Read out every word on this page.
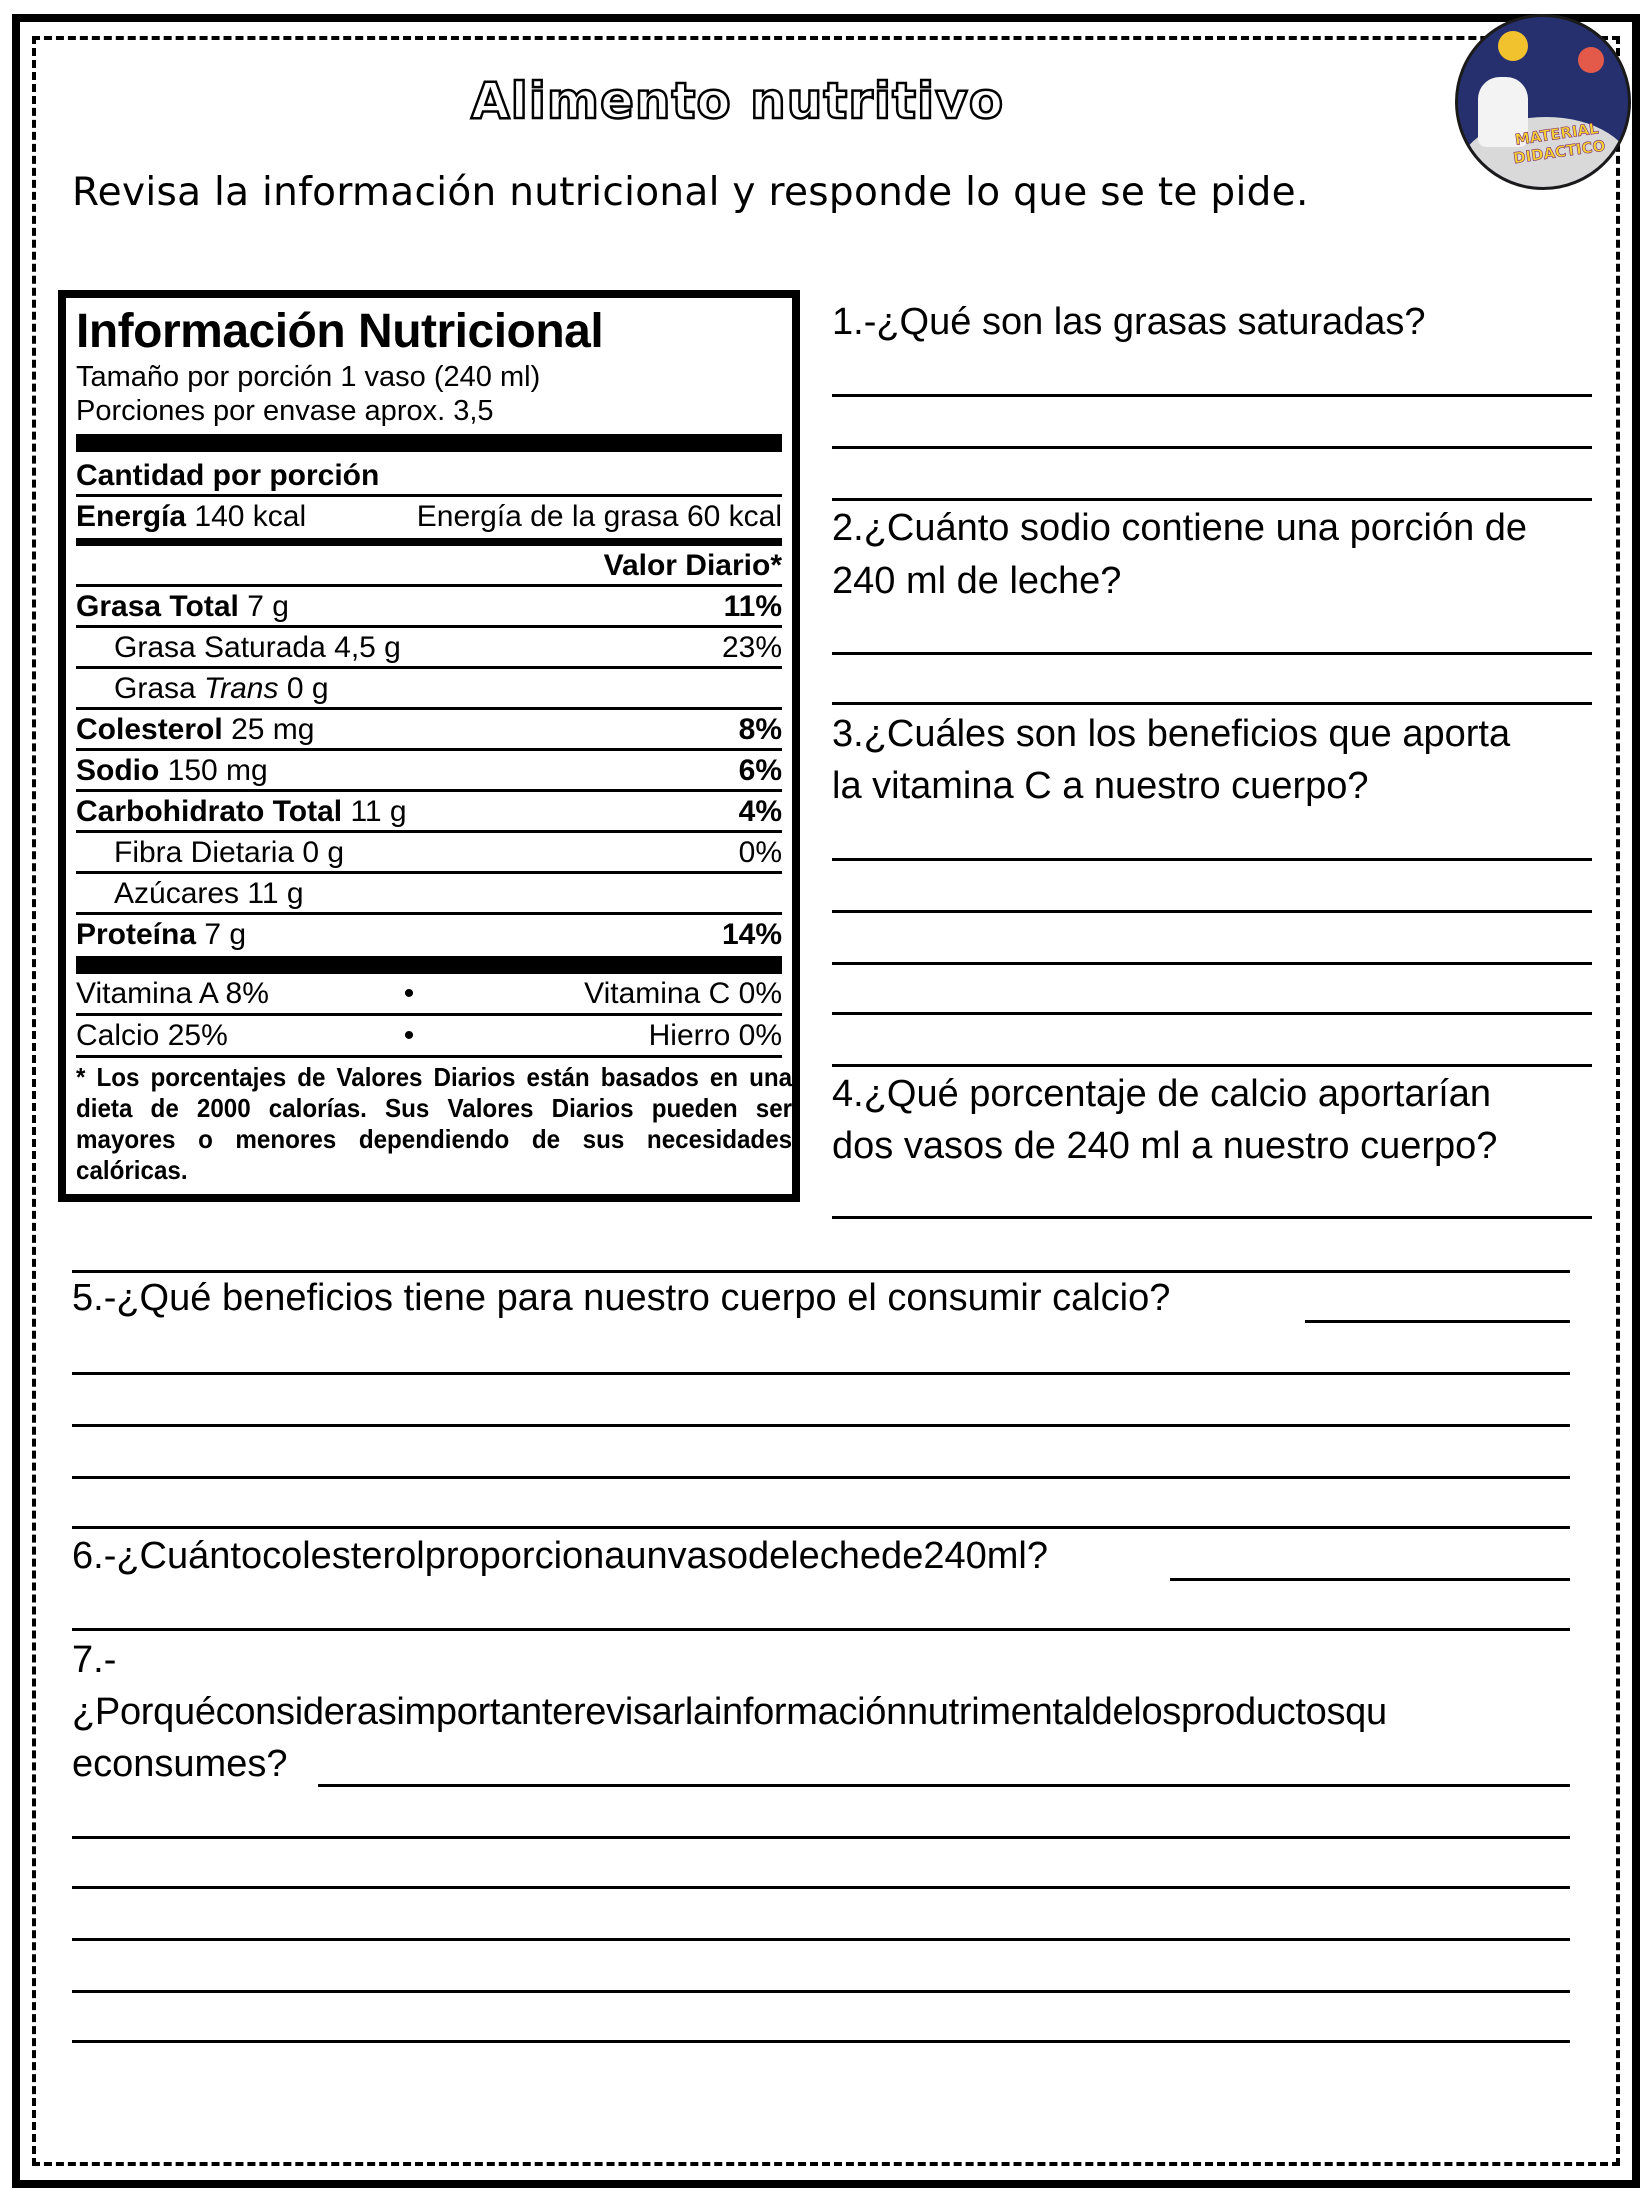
Alimento nutritivo
MATERIAL DIDACTICO
Revisa la información nutricional y responde lo que se te pide.
Información Nutricional
Tamaño por porción 1 vaso (240 ml)
Porciones por envase aprox. 3,5
Cantidad por porción
Energía 140 kcal	Energía de la grasa 60 kcal
Valor Diario*
Grasa Total 7 g	11%
Grasa Saturada 4,5 g	23%
Grasa Trans 0 g
Colesterol 25 mg	8%
Sodio 150 mg	6%
Carbohidrato Total 11 g	4%
Fibra Dietaria 0 g	0%
Azúcares 11 g
Proteína 7 g	14%
Vitamina A 8%	•	Vitamina C 0%
Calcio 25%	•	Hierro 0%
* Los porcentajes de Valores Diarios están basados en una dieta de 2000 calorías. Sus Valores Diarios pueden ser mayores o menores dependiendo de sus necesidades calóricas.
1.-¿Qué son las grasas saturadas?
2.¿Cuánto sodio contiene una porción de
240 ml de leche?
3.¿Cuáles son los beneficios que aporta
la vitamina C a nuestro cuerpo?
4.¿Qué porcentaje de calcio aportarían
dos vasos de 240 ml a nuestro cuerpo?
5.-¿Qué beneficios tiene para nuestro cuerpo el consumir calcio?
6.-¿Cuántocolesterolproporcionaunvasodelechede240ml?
7.-
¿Porquéconsiderasimportanterevisarlainformaciónnutrimentaldelosproductosqu
econsumes?
